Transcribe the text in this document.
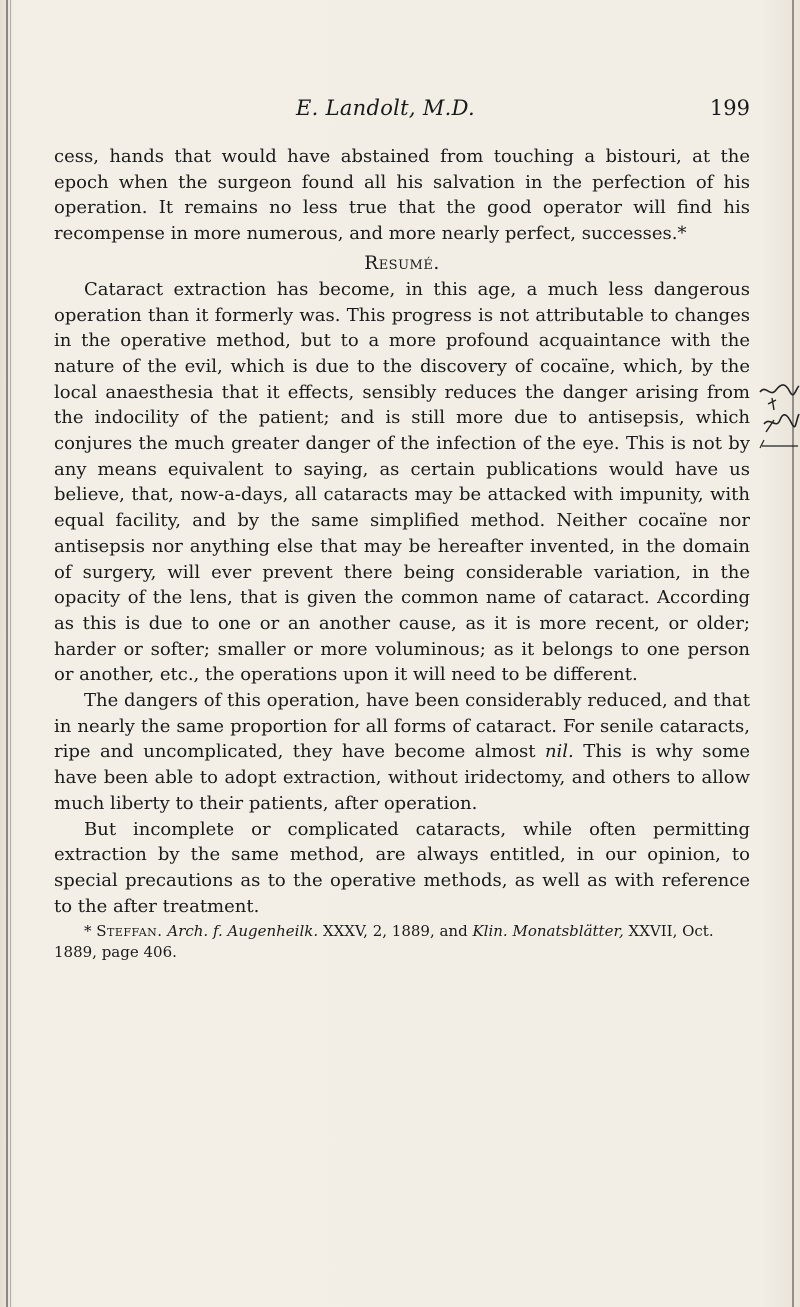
E. Landolt, M.D.	199

cess, hands that would have abstained from touching a bistouri, at the epoch when the surgeon found all his salvation in the perfection of his operation. It remains no less true that the good operator will find his recompense in more numerous, and more nearly perfect, successes.*

Resumé.

Cataract extraction has become, in this age, a much less dangerous operation than it formerly was. This progress is not attributable to changes in the operative method, but to a more profound acquaintance with the nature of the evil, which is due to the discovery of cocaïne, which, by the local anaesthesia that it effects, sensibly reduces the danger arising from the indocility of the patient; and is still more due to antisepsis, which conjures the much greater danger of the infection of the eye. This is not by any means equivalent to saying, as certain publications would have us believe, that, now-a-days, all cataracts may be attacked with impunity, with equal facility, and by the same simplified method. Neither cocaïne nor antisepsis nor anything else that may be hereafter invented, in the domain of surgery, will ever prevent there being considerable variation, in the opacity of the lens, that is given the common name of cataract. According as this is due to one or an another cause, as it is more recent, or older; harder or softer; smaller or more voluminous; as it belongs to one person or another, etc., the operations upon it will need to be different.

The dangers of this operation, have been considerably reduced, and that in nearly the same proportion for all forms of cataract. For senile cataracts, ripe and uncomplicated, they have become almost nil. This is why some have been able to adopt extraction, without iridectomy, and others to allow much liberty to their patients, after operation.

But incomplete or complicated cataracts, while often permitting extraction by the same method, are always entitled, in our opinion, to special precautions as to the operative methods, as well as with reference to the after treatment.

* Steffan. Arch. f. Augenheilk. XXXV, 2, 1889, and Klin. Monatsblätter, XXVII, Oct. 1889, page 406.
